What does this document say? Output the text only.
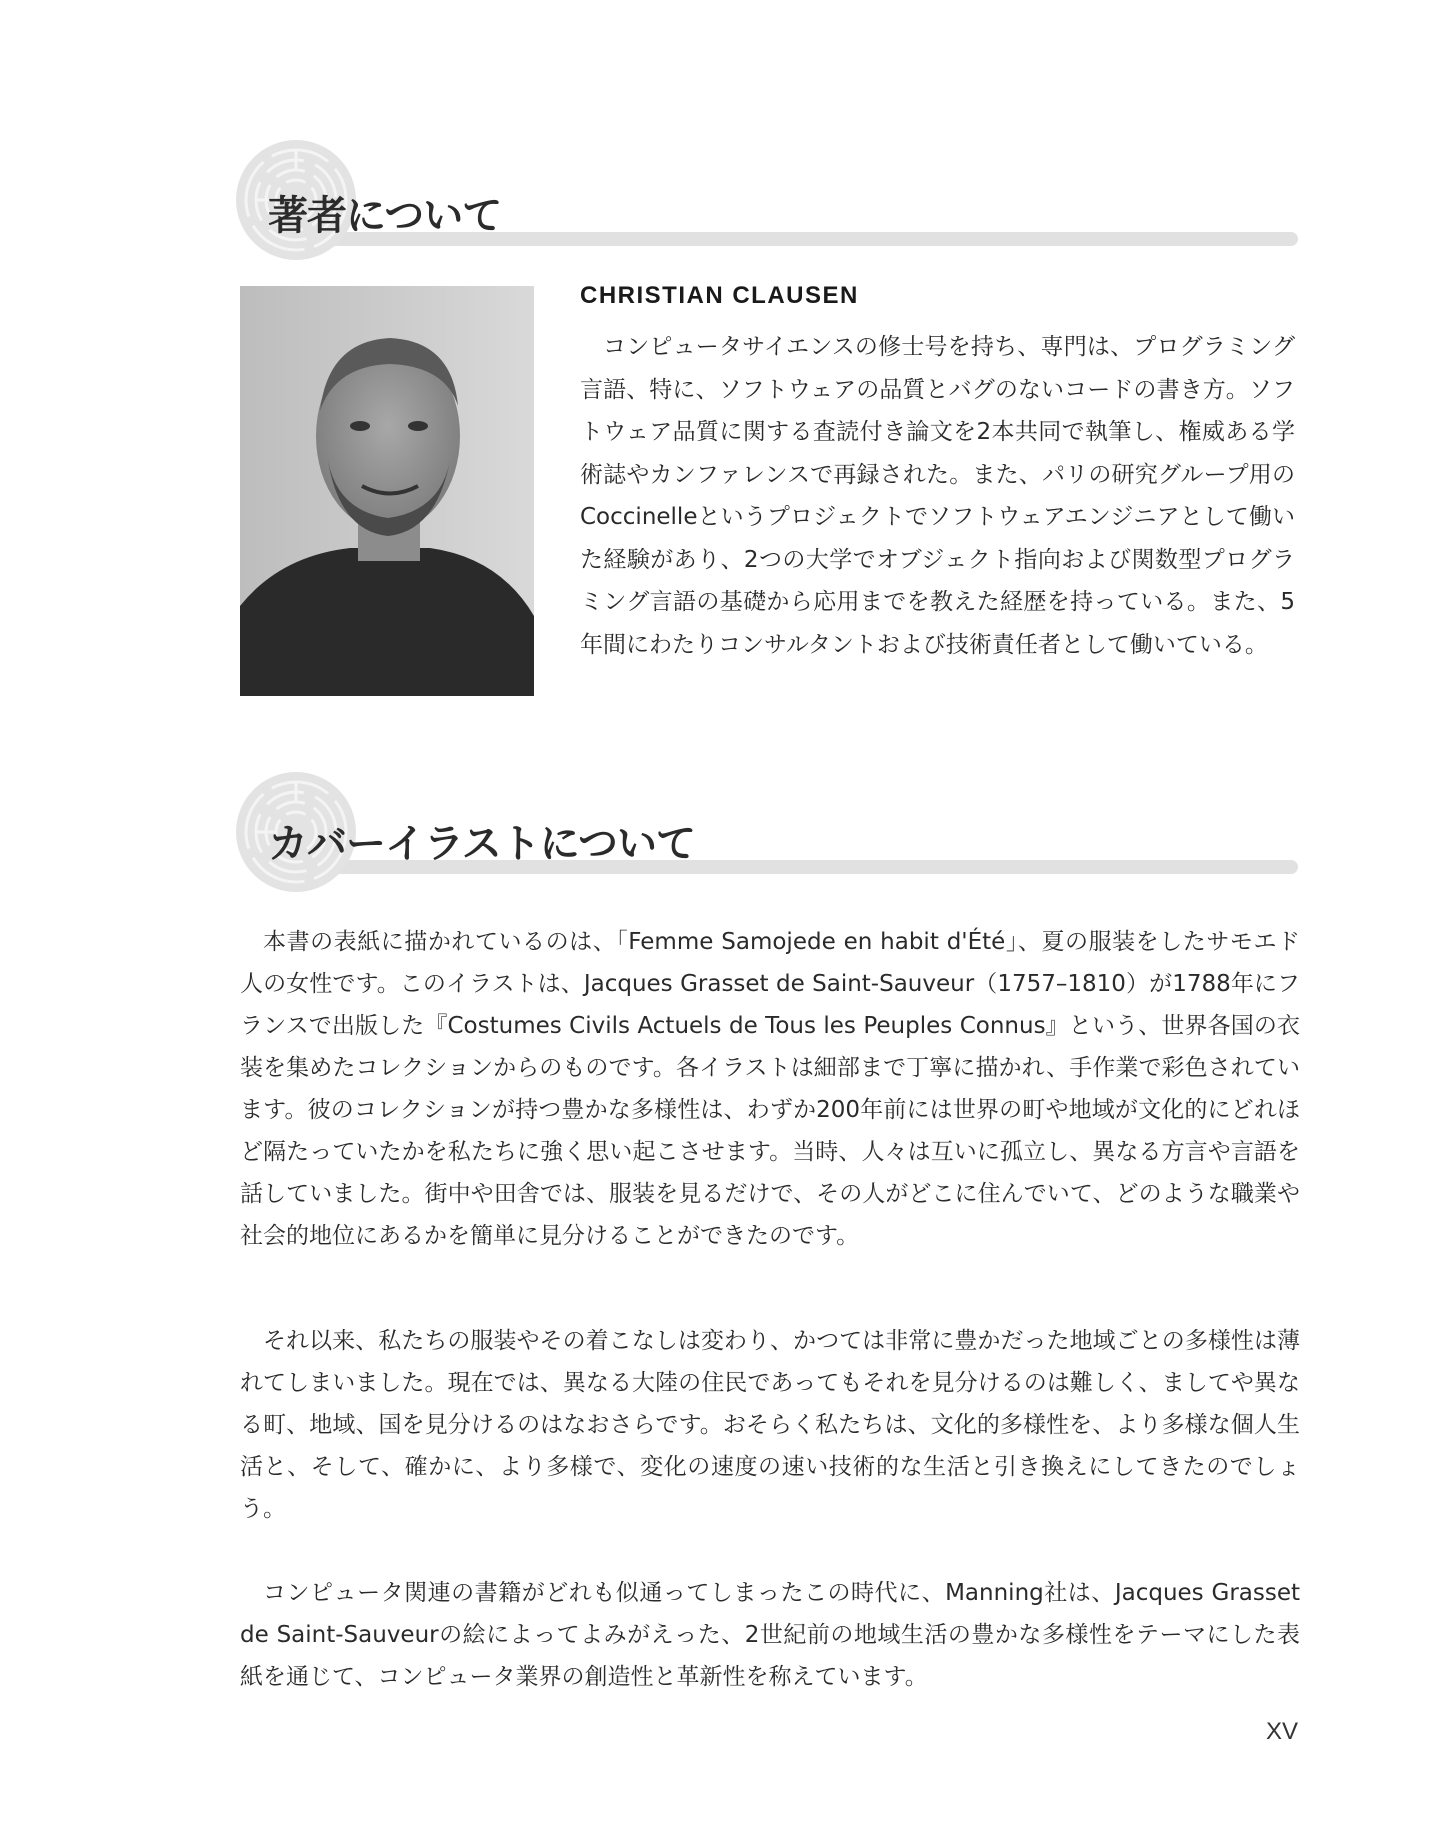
著者について
CHRISTIAN CLAUSEN

コンピュータサイエンスの修士号を持ち、専門は、プログラミング言語、特に、ソフトウェアの品質とバグのないコードの書き方。ソフトウェア品質に関する査読付き論文を2本共同で執筆し、権威ある学術誌やカンファレンスで再録された。また、パリの研究グループ用のCoccinelleというプロジェクトでソフトウェアエンジニアとして働いた経験があり、2つの大学でオブジェクト指向および関数型プログラミング言語の基礎から応用までを教えた経歴を持っている。また、5年間にわたりコンサルタントおよび技術責任者として働いている。

カバーイラストについて

本書の表紙に描かれているのは、「Femme Samojede en habit d'Été」、夏の服装をしたサモエド人の女性です。このイラストは、Jacques Grasset de Saint-Sauveur（1757–1810）が1788年にフランスで出版した『Costumes Civils Actuels de Tous les Peuples Connus』という、世界各国の衣装を集めたコレクションからのものです。各イラストは細部まで丁寧に描かれ、手作業で彩色されています。彼のコレクションが持つ豊かな多様性は、わずか200年前には世界の町や地域が文化的にどれほど隔たっていたかを私たちに強く思い起こさせます。当時、人々は互いに孤立し、異なる方言や言語を話していました。街中や田舎では、服装を見るだけで、その人がどこに住んでいて、どのような職業や社会的地位にあるかを簡単に見分けることができたのです。

それ以来、私たちの服装やその着こなしは変わり、かつては非常に豊かだった地域ごとの多様性は薄れてしまいました。現在では、異なる大陸の住民であってもそれを見分けるのは難しく、ましてや異なる町、地域、国を見分けるのはなおさらです。おそらく私たちは、文化的多様性を、より多様な個人生活と、そして、確かに、より多様で、変化の速度の速い技術的な生活と引き換えにしてきたのでしょう。

コンピュータ関連の書籍がどれも似通ってしまったこの時代に、Manning社は、Jacques Grasset de Saint-Sauveurの絵によってよみがえった、2世紀前の地域生活の豊かな多様性をテーマにした表紙を通じて、コンピュータ業界の創造性と革新性を称えています。

XV
